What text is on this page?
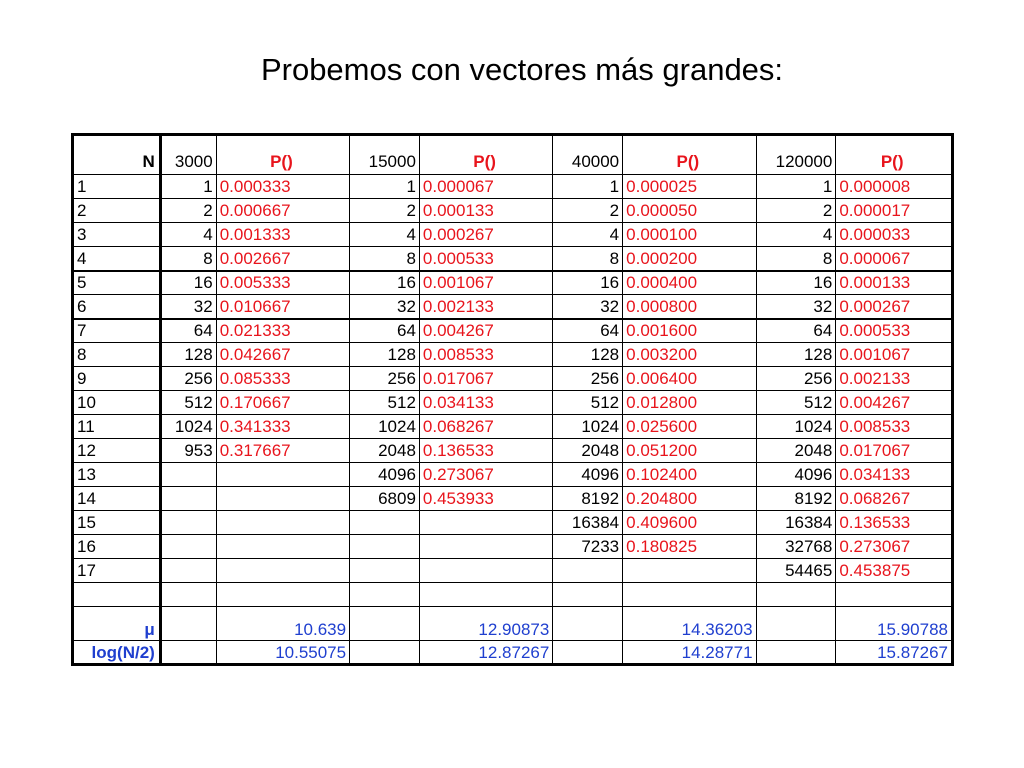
Probemos con vectores más grandes:
N	3000	P()	15000	P()	40000	P()	120000	P()
1	1	0.000333	1	0.000067	1	0.000025	1	0.000008
2	2	0.000667	2	0.000133	2	0.000050	2	0.000017
3	4	0.001333	4	0.000267	4	0.000100	4	0.000033
4	8	0.002667	8	0.000533	8	0.000200	8	0.000067
5	16	0.005333	16	0.001067	16	0.000400	16	0.000133
6	32	0.010667	32	0.002133	32	0.000800	32	0.000267
7	64	0.021333	64	0.004267	64	0.001600	64	0.000533
8	128	0.042667	128	0.008533	128	0.003200	128	0.001067
9	256	0.085333	256	0.017067	256	0.006400	256	0.002133
10	512	0.170667	512	0.034133	512	0.012800	512	0.004267
11	1024	0.341333	1024	0.068267	1024	0.025600	1024	0.008533
12	953	0.317667	2048	0.136533	2048	0.051200	2048	0.017067
13			4096	0.273067	4096	0.102400	4096	0.034133
14			6809	0.453933	8192	0.204800	8192	0.068267
15					16384	0.409600	16384	0.136533
16					7233	0.180825	32768	0.273067
17							54465	0.453875

μ		10.639		12.90873		14.36203		15.90788
log(N/2)		10.55075		12.87267		14.28771		15.87267
